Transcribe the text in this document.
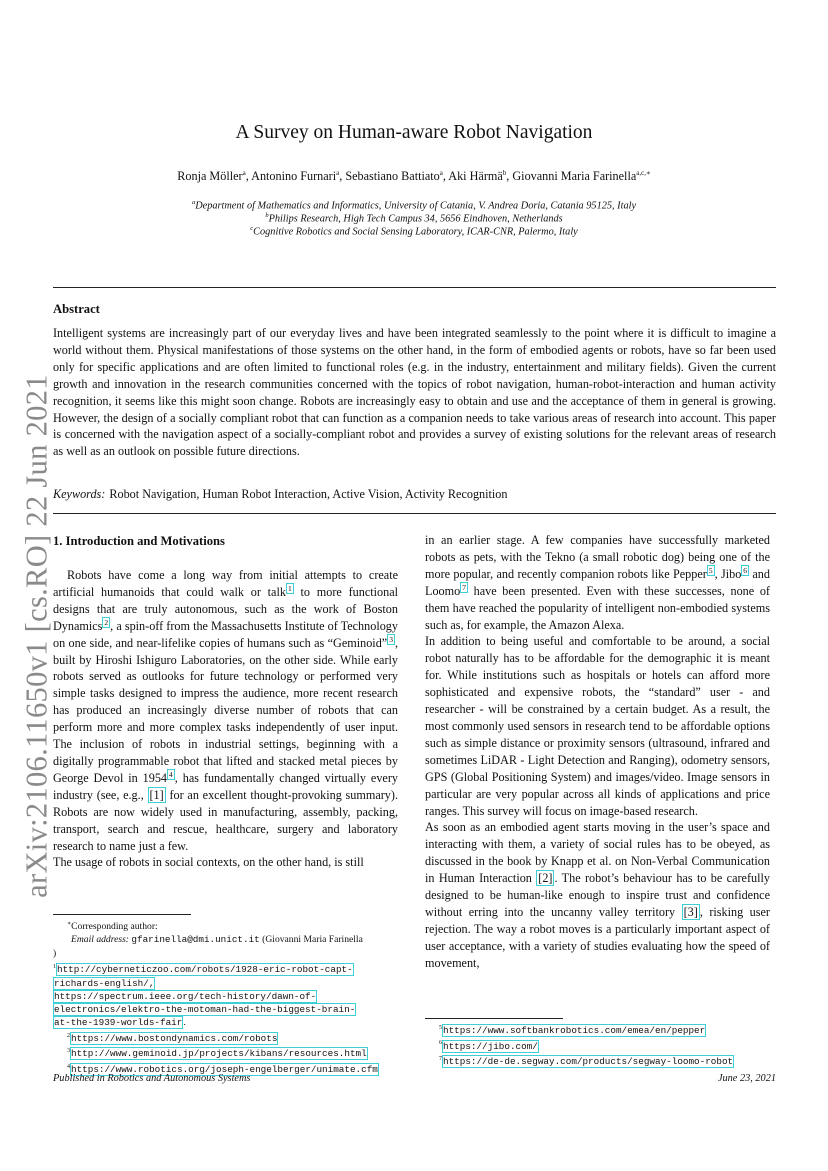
arXiv:2106.11650v1 [cs.RO] 22 Jun 2021
A Survey on Human-aware Robot Navigation
Ronja Möller$^a$, Antonino Furnari$^a$, Sebastiano Battiato$^a$, Aki Härmä$^b$, Giovanni Maria Farinella$^{a,c,∗}$
$^a$Department of Mathematics and Informatics, University of Catania, V. Andrea Doria, Catania 95125, Italy
$^b$Philips Research, High Tech Campus 34, 5656 Eindhoven, Netherlands
$^c$Cognitive Robotics and Social Sensing Laboratory, ICAR-CNR, Palermo, Italy
Abstract
Intelligent systems are increasingly part of our everyday lives and have been integrated seamlessly to the point where it is difficult to imagine a world without them. Physical manifestations of those systems on the other hand, in the form of embodied agents or robots, have so far been used only for specific applications and are often limited to functional roles (e.g. in the industry, entertainment and military fields). Given the current growth and innovation in the research communities concerned with the topics of robot navigation, human-robot-interaction and human activity recognition, it seems like this might soon change. Robots are increasingly easy to obtain and use and the acceptance of them in general is growing. However, the design of a socially compliant robot that can function as a companion needs to take various areas of research into account. This paper is concerned with the navigation aspect of a socially-compliant robot and provides a survey of existing solutions for the relevant areas of research as well as an outlook on possible future directions.
Keywords: Robot Navigation, Human Robot Interaction, Active Vision, Activity Recognition
1. Introduction and Motivations

Robots have come a long way from initial attempts to create artificial humanoids that could walk or talk $^1$ to more functional designs that are truly autonomous, such as the work of Boston Dynamics $^2$ , a spin-off from the Massachusetts Institute of Technology on one side, and near-lifelike copies of humans such as “Geminoid” $^3$ , built by Hiroshi Ishiguro Laboratories, on the other side. While early robots served as outlooks for future technology or performed very simple tasks designed to impress the audience, more recent research has produced an increasingly diverse number of robots that can perform more and more complex tasks independently of user input. The inclusion of robots in industrial settings, beginning with a digitally programmable robot that lifted and stacked metal pieces by George Devol in 1954 $^4$ , has fundamentally changed virtually every industry (see, e.g., [1] for an excellent thought-provoking summary). Robots are now widely used in manufacturing, assembly, packing, transport, search and rescue, healthcare, surgery and laboratory research to name just a few.

The usage of robots in social contexts, on the other hand, is still

in an earlier stage. A few companies have successfully marketed robots as pets, with the Tekno (a small robotic dog) being one of the more popular, and recently companion robots like Pepper $^5$ , Jibo $^6$ and Loomo $^7$ have been presented. Even with these successes, none of them have reached the popularity of intelligent non-embodied systems such as, for example, the Amazon Alexa.

In addition to being useful and comfortable to be around, a social robot naturally has to be affordable for the demographic it is meant for. While institutions such as hospitals or hotels can afford more sophisticated and expensive robots, the “standard” user - and researcher - will be constrained by a certain budget. As a result, the most commonly used sensors in research tend to be affordable options such as simple distance or proximity sensors (ultrasound, infrared and sometimes LiDAR - Light Detection and Ranging), odometry sensors, GPS (Global Positioning System) and images/video. Image sensors in particular are very popular across all kinds of applications and price ranges. This survey will focus on image-based research.

As soon as an embodied agent starts moving in the user’s space and interacting with them, a variety of social rules has to be obeyed, as discussed in the book by Knapp et al. on Non-Verbal Communication in Human Interaction [2] . The robot’s behaviour has to be carefully designed to be human-like enough to inspire trust and confidence without erring into the uncanny valley territory [3] , risking user rejection. The way a robot moves is a particularly important aspect of user acceptance, with a variety of studies evaluating how the speed of movement,

∗Corresponding author:
Email address: gfarinella@dmi.unict.it (Giovanni Maria Farinella
)
$^1$http://cyberneticzoo.com/robots/1928-eric-robot-capt-
richards-english/,
https://spectrum.ieee.org/tech-history/dawn-of-
electronics/elektro-the-motoman-had-the-biggest-brain-
at-the-1939-worlds-fair.
$^2$https://www.bostondynamics.com/robots
$^3$http://www.geminoid.jp/projects/kibans/resources.html
$^4$https://www.robotics.org/joseph-engelberger/unimate.cfm
$^5$https://www.softbankrobotics.com/emea/en/pepper
$^6$https://jibo.com/
$^7$https://de-de.segway.com/products/segway-loomo-robot
Published in Robotics and Autonomous Systems	June 23, 2021
